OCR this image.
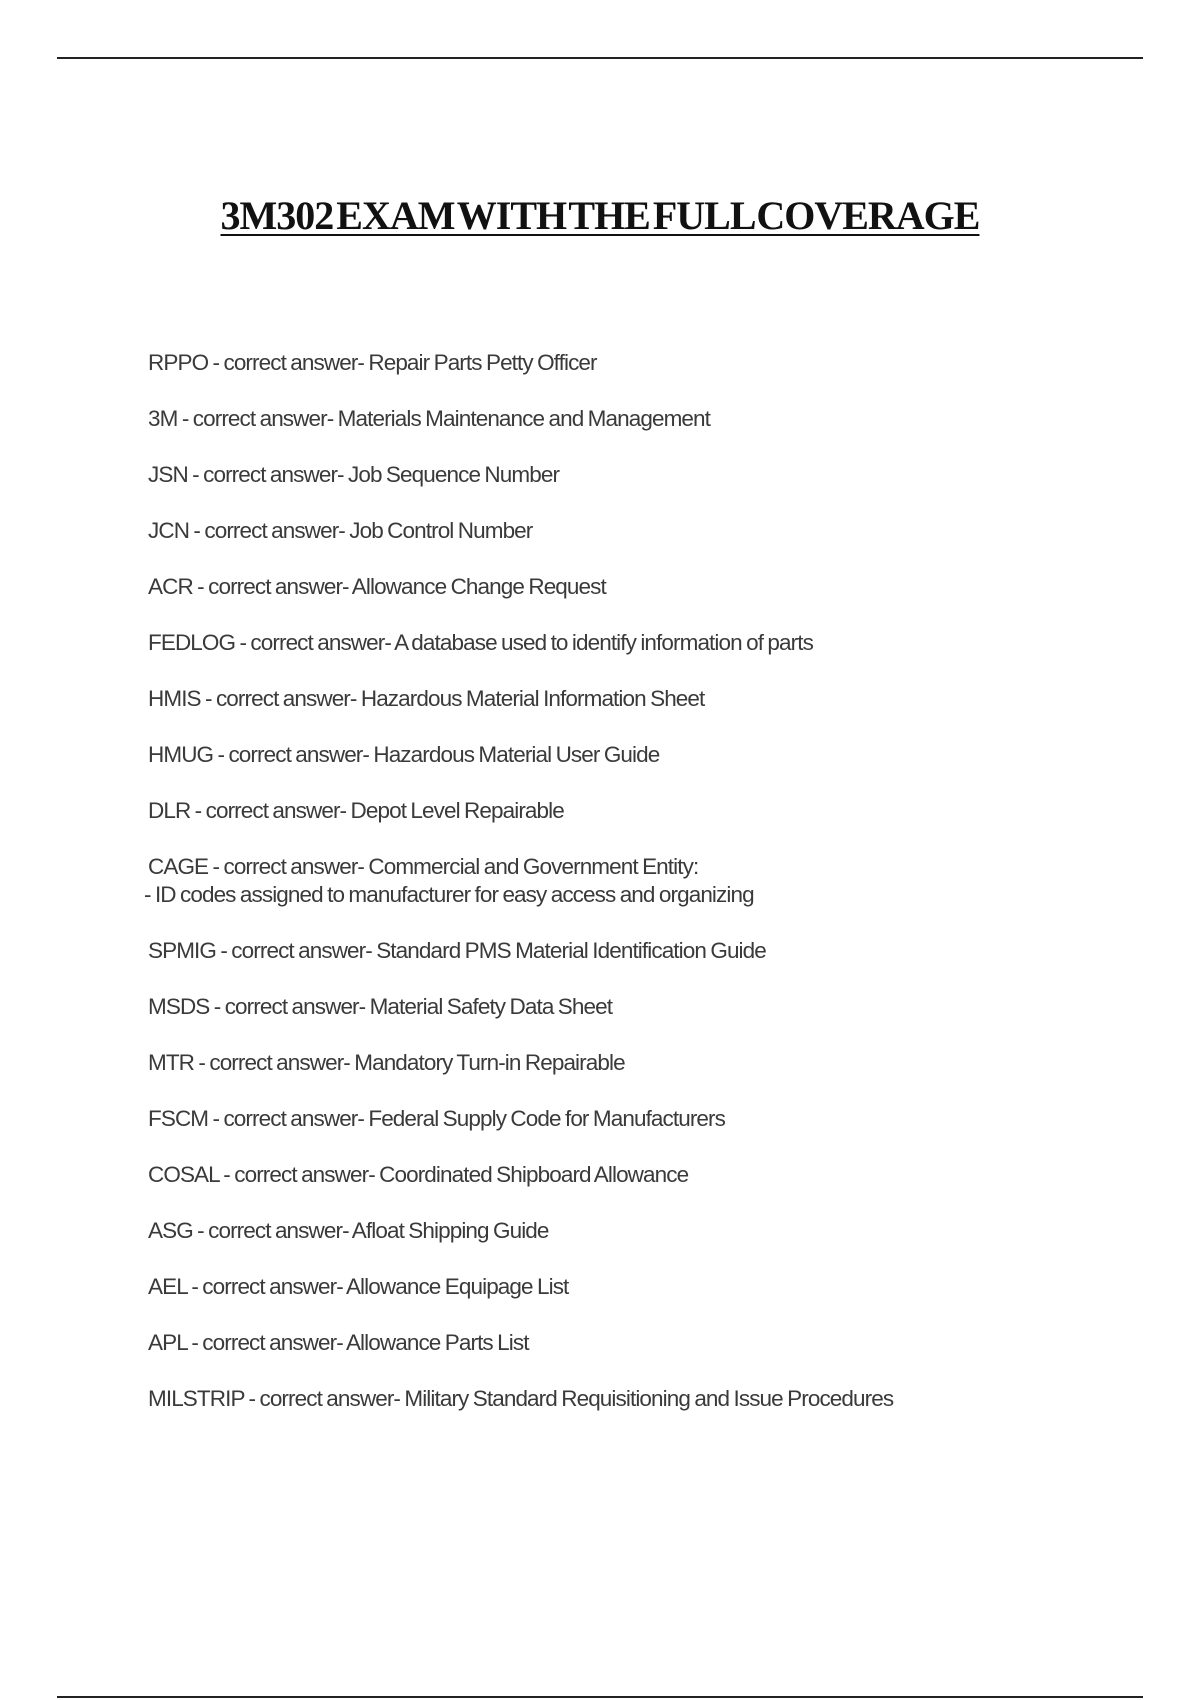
3M302 EXAM WITH THE FULL COVERAGE
RPPO - correct answer- Repair Parts Petty Officer
3M - correct answer- Materials Maintenance and Management
JSN - correct answer- Job Sequence Number
JCN - correct answer- Job Control Number
ACR - correct answer- Allowance Change Request
FEDLOG - correct answer- A database used to identify information of parts
HMIS - correct answer- Hazardous Material Information Sheet
HMUG - correct answer- Hazardous Material User Guide
DLR - correct answer- Depot Level Repairable
CAGE - correct answer- Commercial and Government Entity:
- ID codes assigned to manufacturer for easy access and organizing
SPMIG - correct answer- Standard PMS Material Identification Guide
MSDS - correct answer- Material Safety Data Sheet
MTR - correct answer- Mandatory Turn-in Repairable
FSCM - correct answer- Federal Supply Code for Manufacturers
COSAL - correct answer- Coordinated Shipboard Allowance
ASG - correct answer- Afloat Shipping Guide
AEL - correct answer- Allowance Equipage List
APL - correct answer- Allowance Parts List
MILSTRIP - correct answer- Military Standard Requisitioning and Issue Procedures
